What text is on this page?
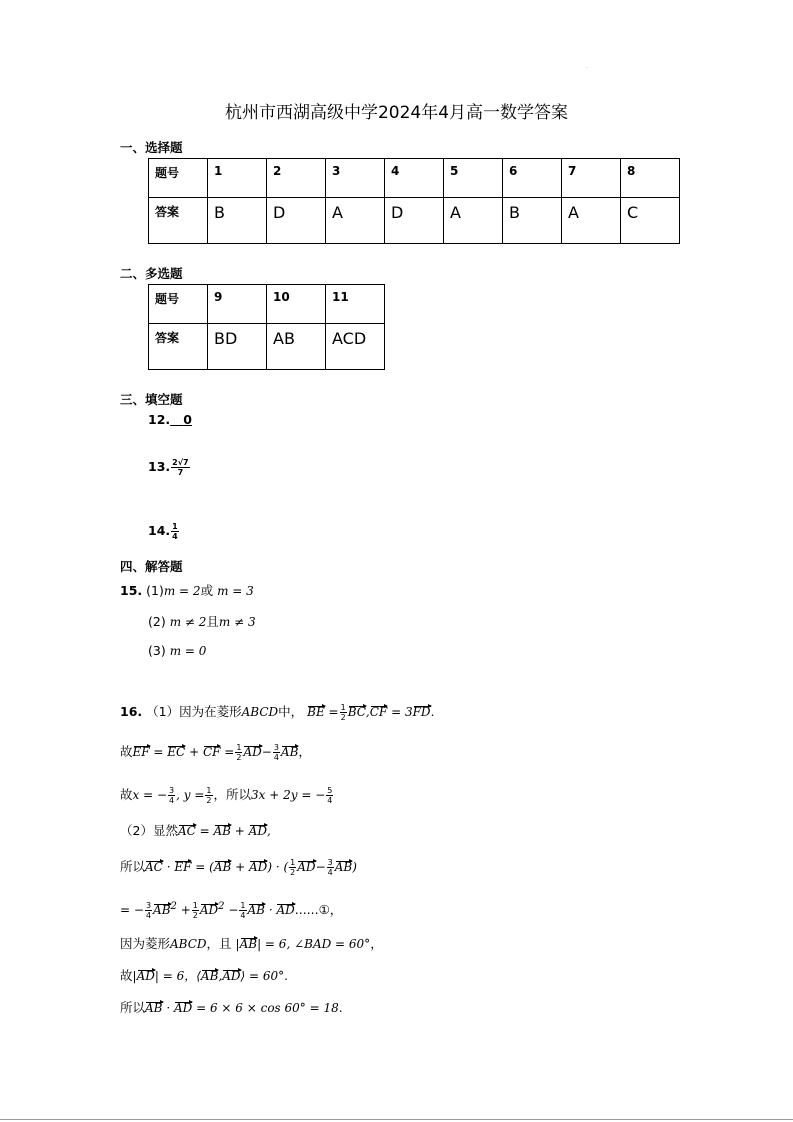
.
杭州市西湖高级中学2024年4月高一数学答案
一、选择题
题号	1	2	3	4	5	6	7	8
答案	B	D	A	D	A	B	A	C
二、多选题
题号	9	10	11
答案	BD	AB	ACD
三、填空题
12. 0
13. $\frac{2√7}{7}$
14. $\frac{1}{4}$
四、解答题
15. (1)m = 2或 m = 3
(2) m ≠ 2且m ≠ 3
(3) m = 0
16. （1）因为在菱形ABCD中， BE = $\frac{1}{2} BC,CF = 3FD$.
故EF = EC + CF = $\frac{1}{2} AD- \frac{3}{4}$ AB，
故x = − $\frac{3}{4}$ , $y = \frac{1}{2}$ ，所以3x + 2y = − $\frac{5}{4}$
（2）显然AC = AB + AD,
所以AC · EF = (AB + AD) · ( $\frac{1}{2} AD- \frac{3}{4} AB$)
= − $\frac{3}{4} AB^2 + \frac{1}{2} AD^2 - \frac{1}{4}$ AB · AD......①，
因为菱形ABCD，且 |AB| = 6, ∠BAD = 60°，
故|AD| = 6，⟨AB,AD⟩ = 60°.
所以AB · AD = 6 × 6 × cos 60° = 18.
